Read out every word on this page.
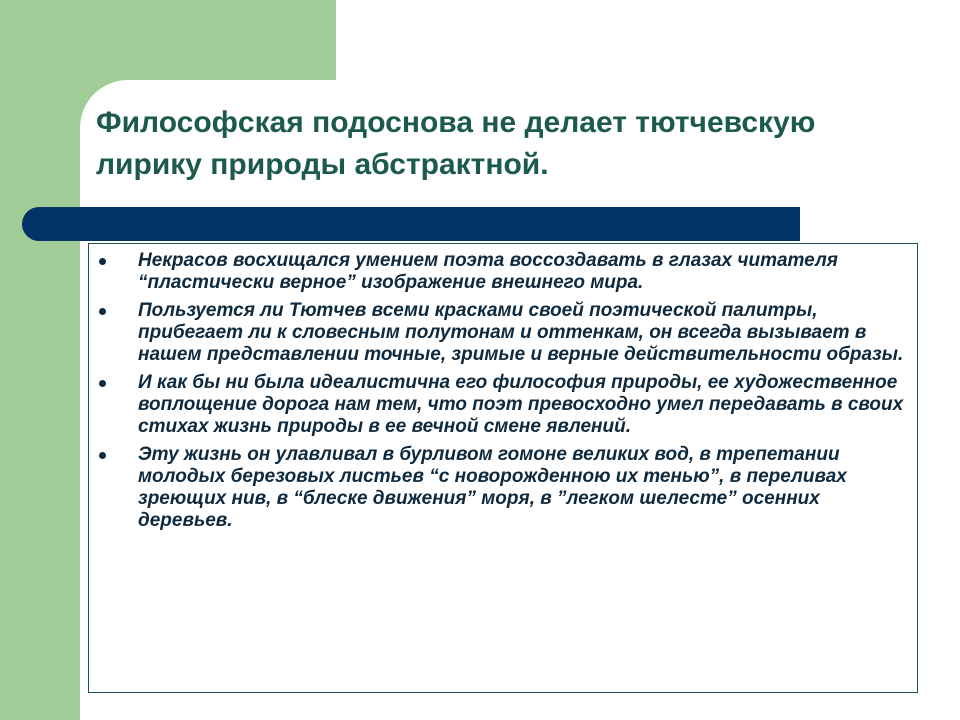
Философская подоснова не делает тютчевскую лирику природы абстрактной.
Некрасов восхищался умением поэта воссоздавать в глазах читателя “пластически верное” изображение внешнего мира.
Пользуется ли Тютчев всеми красками своей поэтической палитры, прибегает ли к словесным полутонам и оттенкам, он всегда вызывает в нашем представлении точные, зримые и верные действительности образы.
И как бы ни была идеалистична его философия природы, ее художественное воплощение дорога нам тем, что поэт превосходно умел передавать в своих стихах жизнь природы в ее вечной смене явлений.
Эту жизнь он улавливал в бурливом гомоне великих вод, в трепетании молодых березовых листьев “с новорожденною их тенью”, в переливах зреющих нив, в “блеске движения” моря, в ”легком шелесте” осенних деревьев.
